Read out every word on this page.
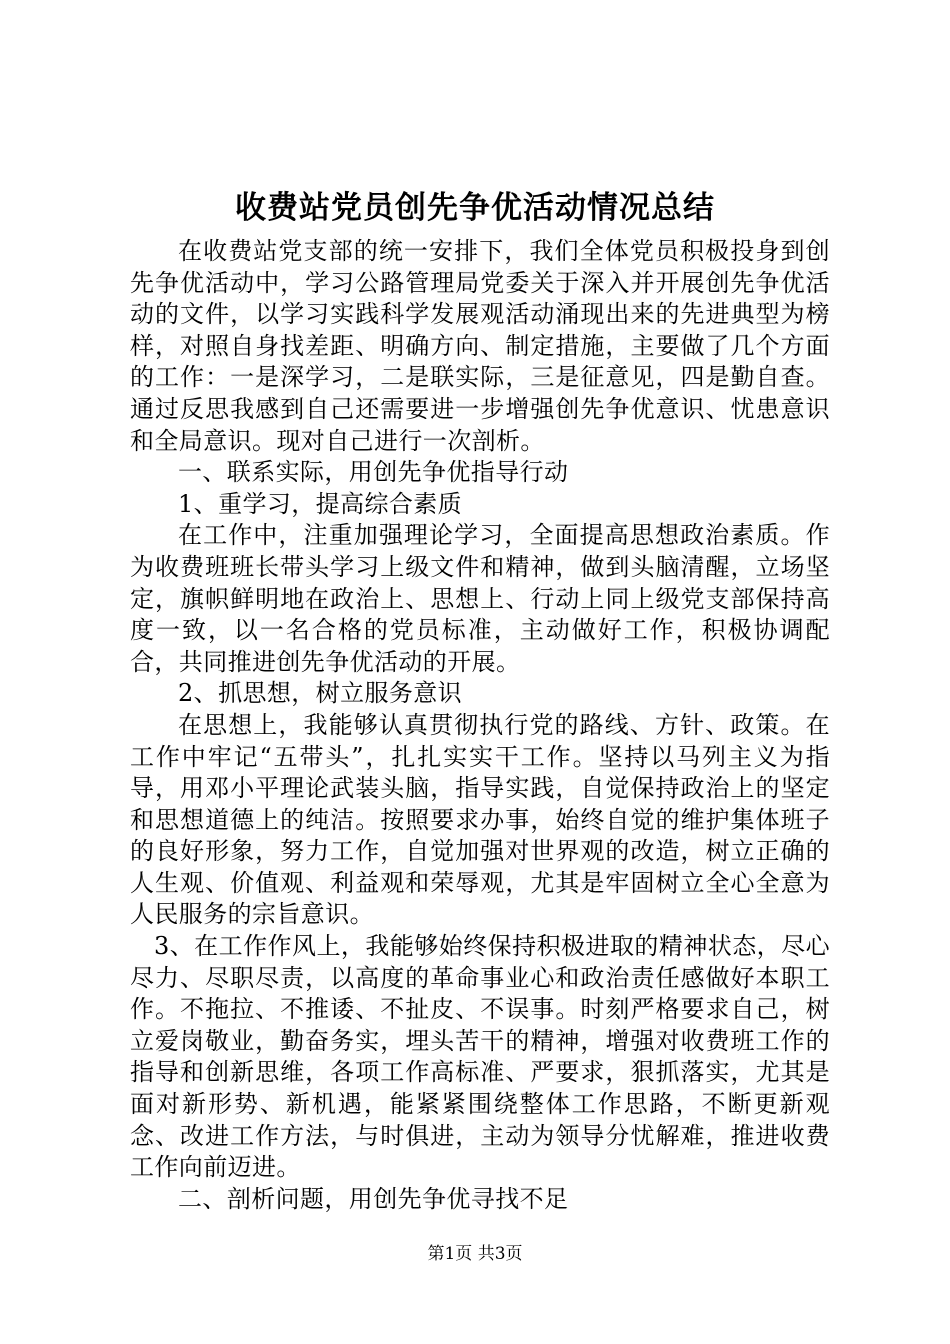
收费站党员创先争优活动情况总结

在收费站党支部的统一安排下，我们全体党员积极投身到创先争优活动中，学习公路管理局党委关于深入并开展创先争优活动的文件，以学习实践科学发展观活动涌现出来的先进典型为榜样，对照自身找差距、明确方向、制定措施，主要做了几个方面的工作：一是深学习，二是联实际，三是征意见，四是勤自查。通过反思我感到自己还需要进一步增强创先争优意识、忧患意识和全局意识。现对自己进行一次剖析。

一、联系实际，用创先争优指导行动

1、重学习，提高综合素质

在工作中，注重加强理论学习，全面提高思想政治素质。作为收费班班长带头学习上级文件和精神，做到头脑清醒，立场坚定，旗帜鲜明地在政治上、思想上、行动上同上级党支部保持高度一致，以一名合格的党员标准，主动做好工作，积极协调配合，共同推进创先争优活动的开展。

2、抓思想，树立服务意识

在思想上，我能够认真贯彻执行党的路线、方针、政策。在工作中牢记“五带头”，扎扎实实干工作。坚持以马列主义为指导，用邓小平理论武装头脑，指导实践，自觉保持政治上的坚定和思想道德上的纯洁。按照要求办事，始终自觉的维护集体班子的良好形象，努力工作，自觉加强对世界观的改造，树立正确的人生观、价值观、利益观和荣辱观，尤其是牢固树立全心全意为人民服务的宗旨意识。

3、在工作作风上，我能够始终保持积极进取的精神状态，尽心尽力、尽职尽责，以高度的革命事业心和政治责任感做好本职工作。不拖拉、不推诿、不扯皮、不误事。时刻严格要求自己，树立爱岗敬业，勤奋务实，埋头苦干的精神，增强对收费班工作的指导和创新思维，各项工作高标准、严要求，狠抓落实，尤其是面对新形势、新机遇，能紧紧围绕整体工作思路，不断更新观念、改进工作方法，与时俱进，主动为领导分忧解难，推进收费工作向前迈进。

二、剖析问题，用创先争优寻找不足

第1页 共3页
